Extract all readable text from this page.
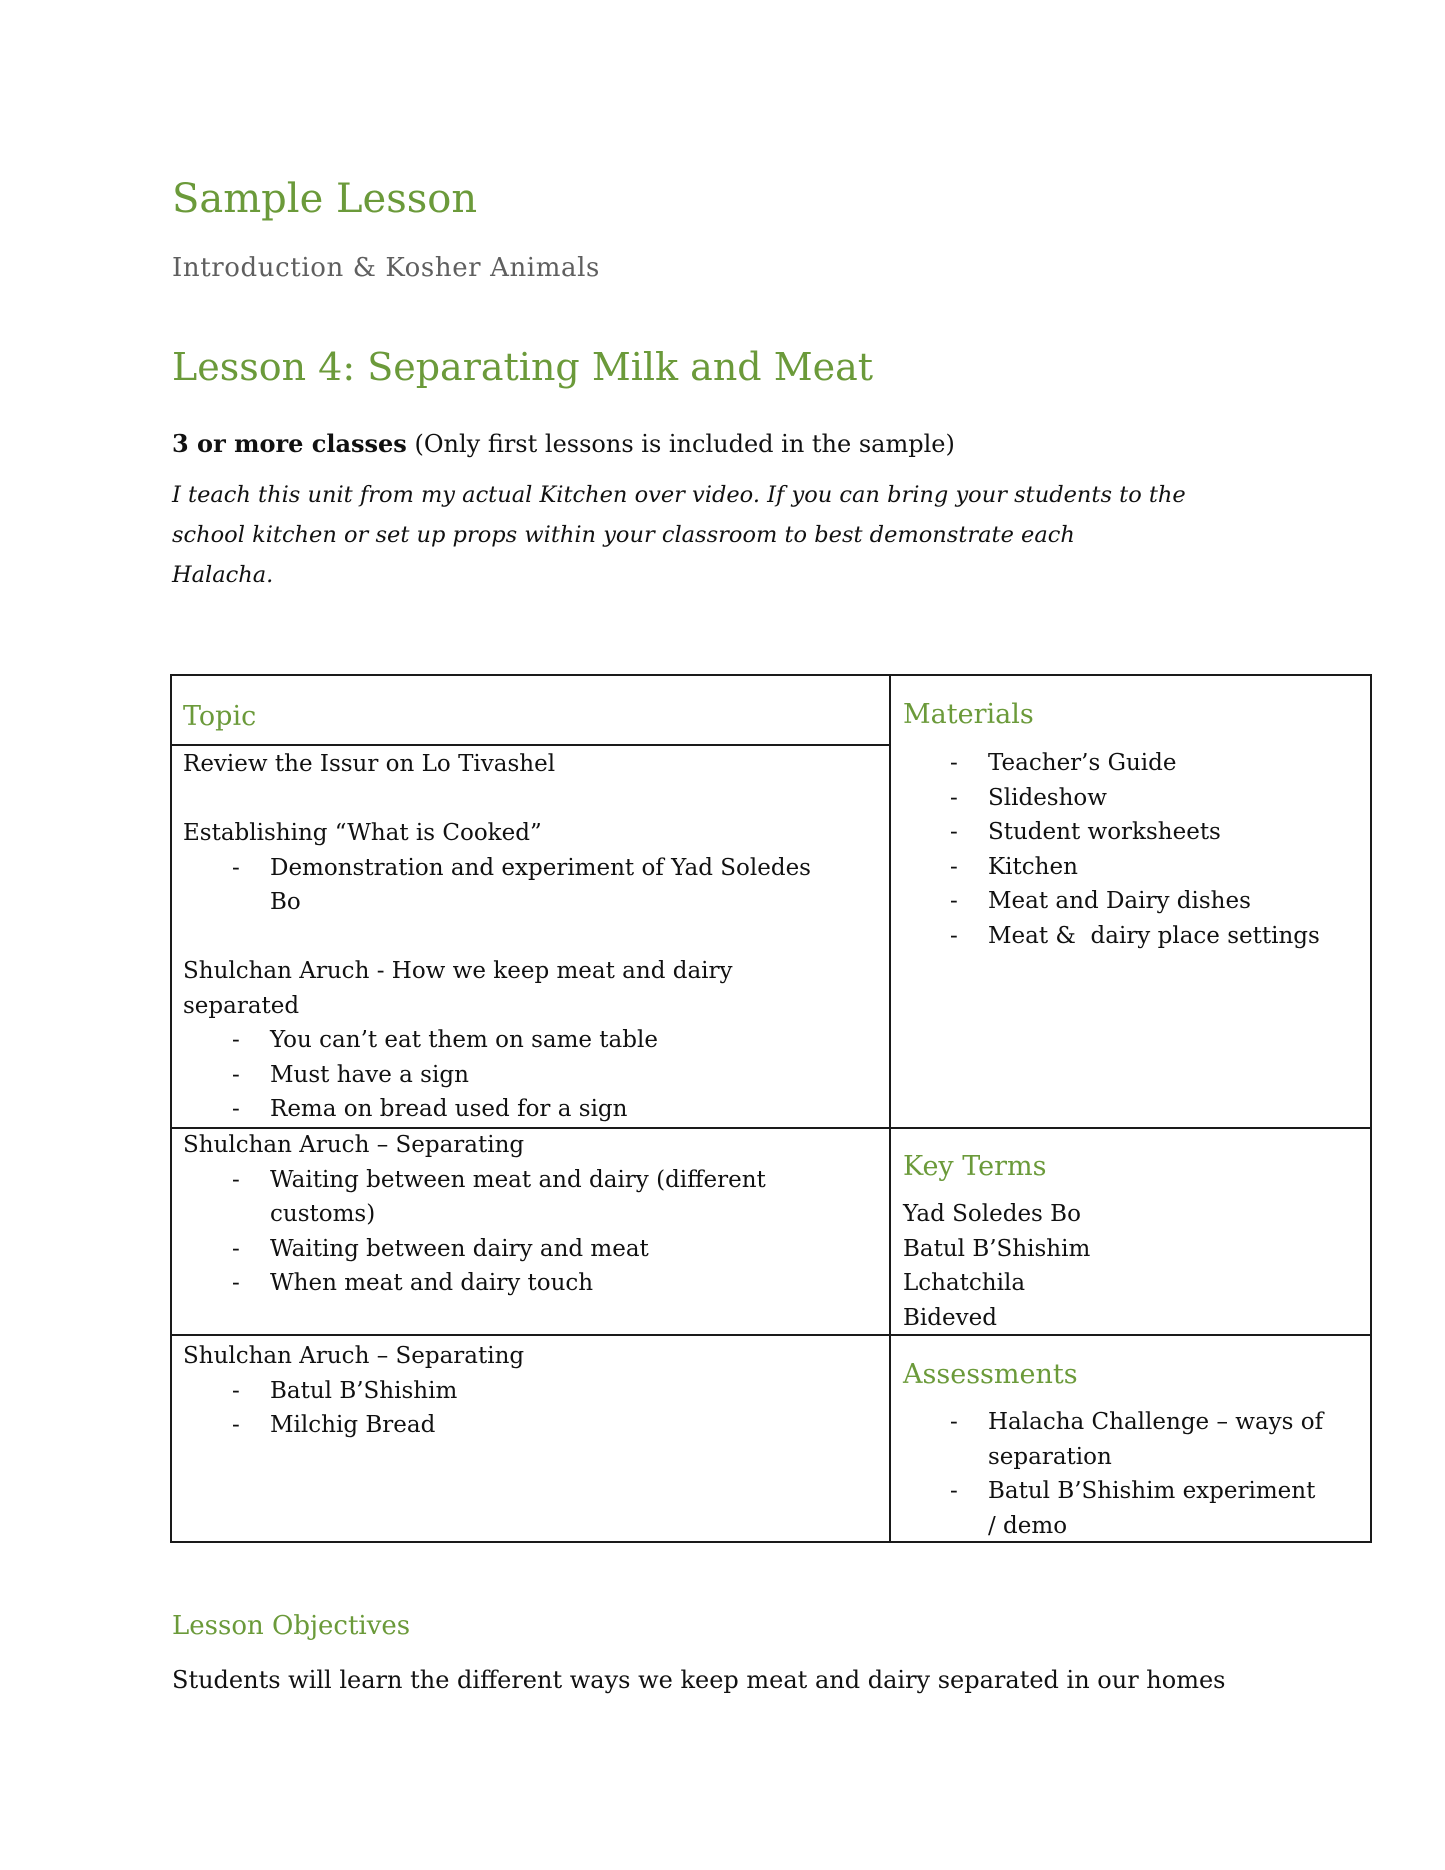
Sample Lesson
Introduction & Kosher Animals
Lesson 4: Separating Milk and Meat
3 or more classes (Only first lessons is included in the sample)
I teach this unit from my actual Kitchen over video. If you can bring your students to the
school kitchen or set up props within your classroom to best demonstrate each
Halacha.
Topic	Materials
Key Terms
Assessments
Review the Issur on Lo Tivashel
Establishing “What is Cooked”
- Demonstration and experiment of Yad Soledes
Bo
Shulchan Aruch - How we keep meat and dairy
separated
- You can’t eat them on same table
- Must have a sign
- Rema on bread used for a sign
- Teacher’s Guide
- Slideshow
- Student worksheets
- Kitchen
- Meat and Dairy dishes
- Meat &  dairy place settings
Shulchan Aruch – Separating
- Waiting between meat and dairy (different
customs)
- Waiting between dairy and meat
- When meat and dairy touch
Yad Soledes Bo
Batul B’Shishim
Lchatchila
Bideved
Shulchan Aruch – Separating
- Batul B’Shishim
- Milchig Bread	- Halacha Challenge – ways of
separation
- Batul B’Shishim experiment
/ demo
Lesson Objectives
Students will learn the different ways we keep meat and dairy separated in our homes
